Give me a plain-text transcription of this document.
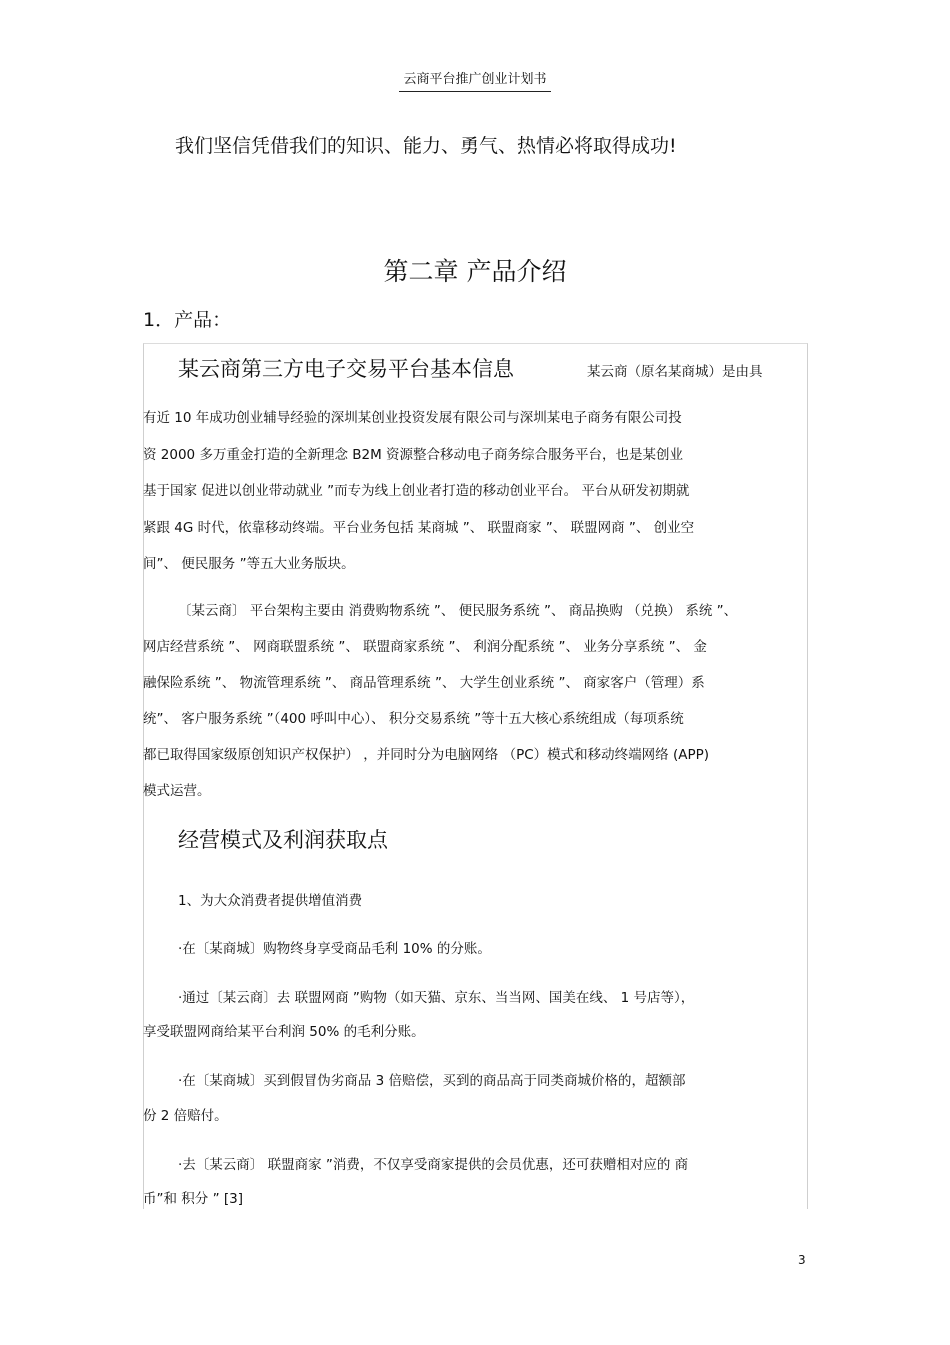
云商平台推广创业计划书
我们坚信凭借我们的知识、能力、勇气、热情必将取得成功!
第二章 产品介绍
1．产品：
某云商第三方电子交易平台基本信息	某云商（原名某商城）是由具
有近 10 年成功创业辅导经验的深圳某创业投资发展有限公司与深圳某电子商务有限公司投
资 2000 多万重金打造的全新理念 B2M 资源整合移动电子商务综合服务平台，也是某创业
基于国家 促进以创业带动就业 ”而专为线上创业者打造的移动创业平台。 平台从研发初期就
紧跟 4G 时代，依靠移动终端。平台业务包括 某商城 ”、 联盟商家 ”、 联盟网商 ”、 创业空
间”、 便民服务 ”等五大业务版块。
〔某云商〕 平台架构主要由 消费购物系统 ”、 便民服务系统 ”、 商品换购 （兑换） 系统 ”、
网店经营系统 ”、 网商联盟系统 ”、 联盟商家系统 ”、 利润分配系统 ”、 业务分享系统 ”、 金
融保险系统 ”、 物流管理系统 ”、 商品管理系统 ”、 大学生创业系统 ”、 商家客户（管理）系
统”、 客户服务系统 ”（400 呼叫中心）、 积分交易系统 ”等十五大核心系统组成（每项系统
都已取得国家级原创知识产权保护） ，并同时分为电脑网络 （PC）模式和移动终端网络 (APP)
模式运营。
经营模式及利润获取点
1、为大众消费者提供增值消费
·在〔某商城〕购物终身享受商品毛利 10% 的分账。
·通过〔某云商〕去 联盟网商 ”购物（如天猫、京东、当当网、国美在线、 1 号店等），
享受联盟网商给某平台利润 50% 的毛利分账。
·在〔某商城〕买到假冒伪劣商品 3 倍赔偿，买到的商品高于同类商城价格的，超额部
份 2 倍赔付。
·去〔某云商〕 联盟商家 ”消费，不仅享受商家提供的会员优惠，还可获赠相对应的 商
币”和 积分 ” [3]
3
